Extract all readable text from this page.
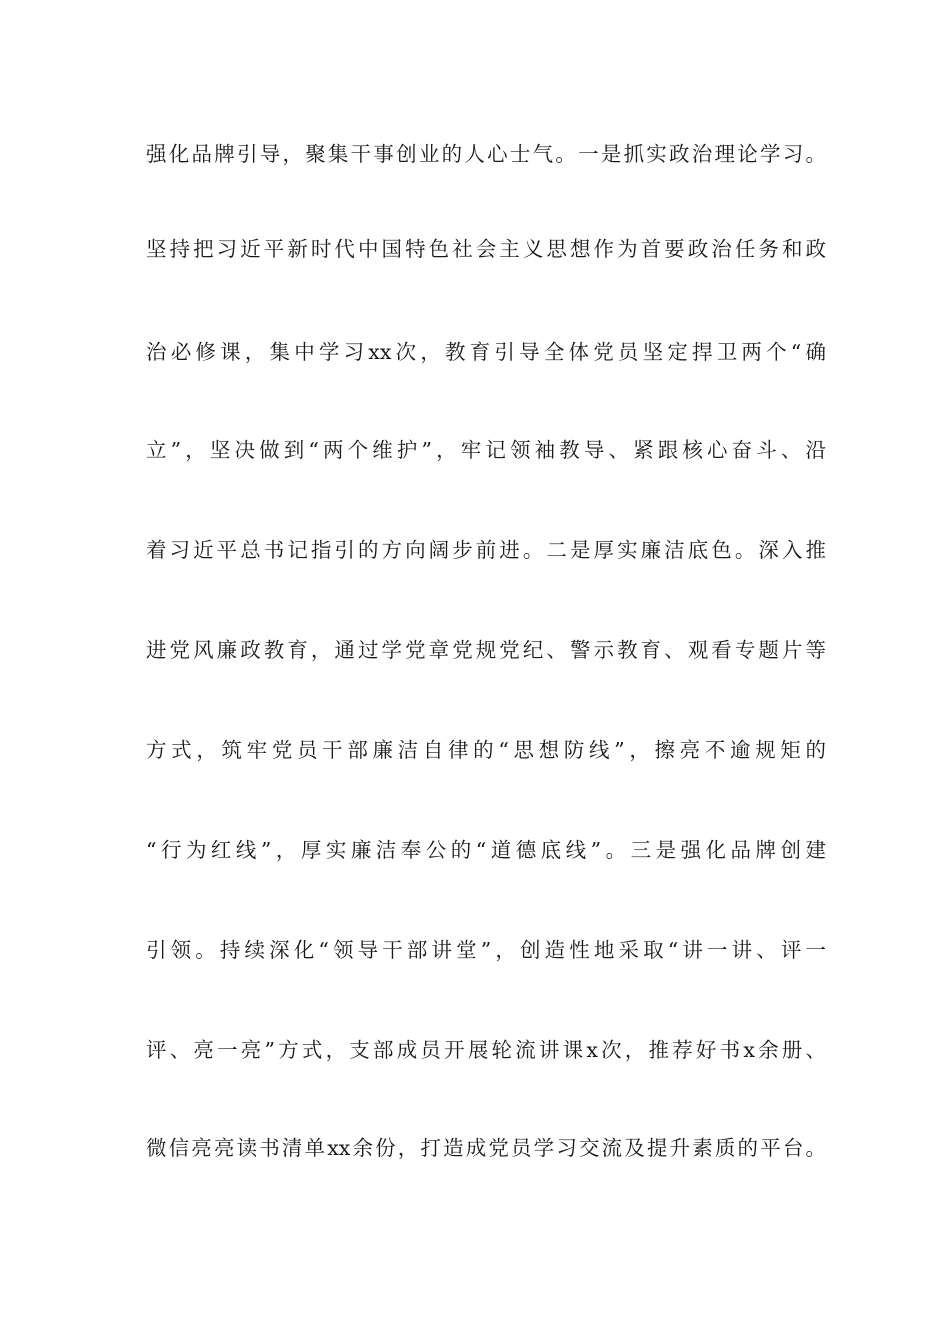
强化品牌引导，聚集干事创业的人心士气。一是抓实政治理论学习。
坚持把习近平新时代中国特色社会主义思想作为首要政治任务和政
治必修课，集中学习xx次，教育引导全体党员坚定捍卫两个“确
立”，坚决做到“两个维护”，牢记领袖教导、紧跟核心奋斗、沿
着习近平总书记指引的方向阔步前进。二是厚实廉洁底色。深入推
进党风廉政教育，通过学党章党规党纪、警示教育、观看专题片等
方式，筑牢党员干部廉洁自律的“思想防线”，擦亮不逾规矩的
“行为红线”，厚实廉洁奉公的“道德底线”。三是强化品牌创建
引领。持续深化“领导干部讲堂”，创造性地采取“讲一讲、评一
评、亮一亮”方式，支部成员开展轮流讲课x次，推荐好书x余册、
微信亮亮读书清单xx余份，打造成党员学习交流及提升素质的平台。
